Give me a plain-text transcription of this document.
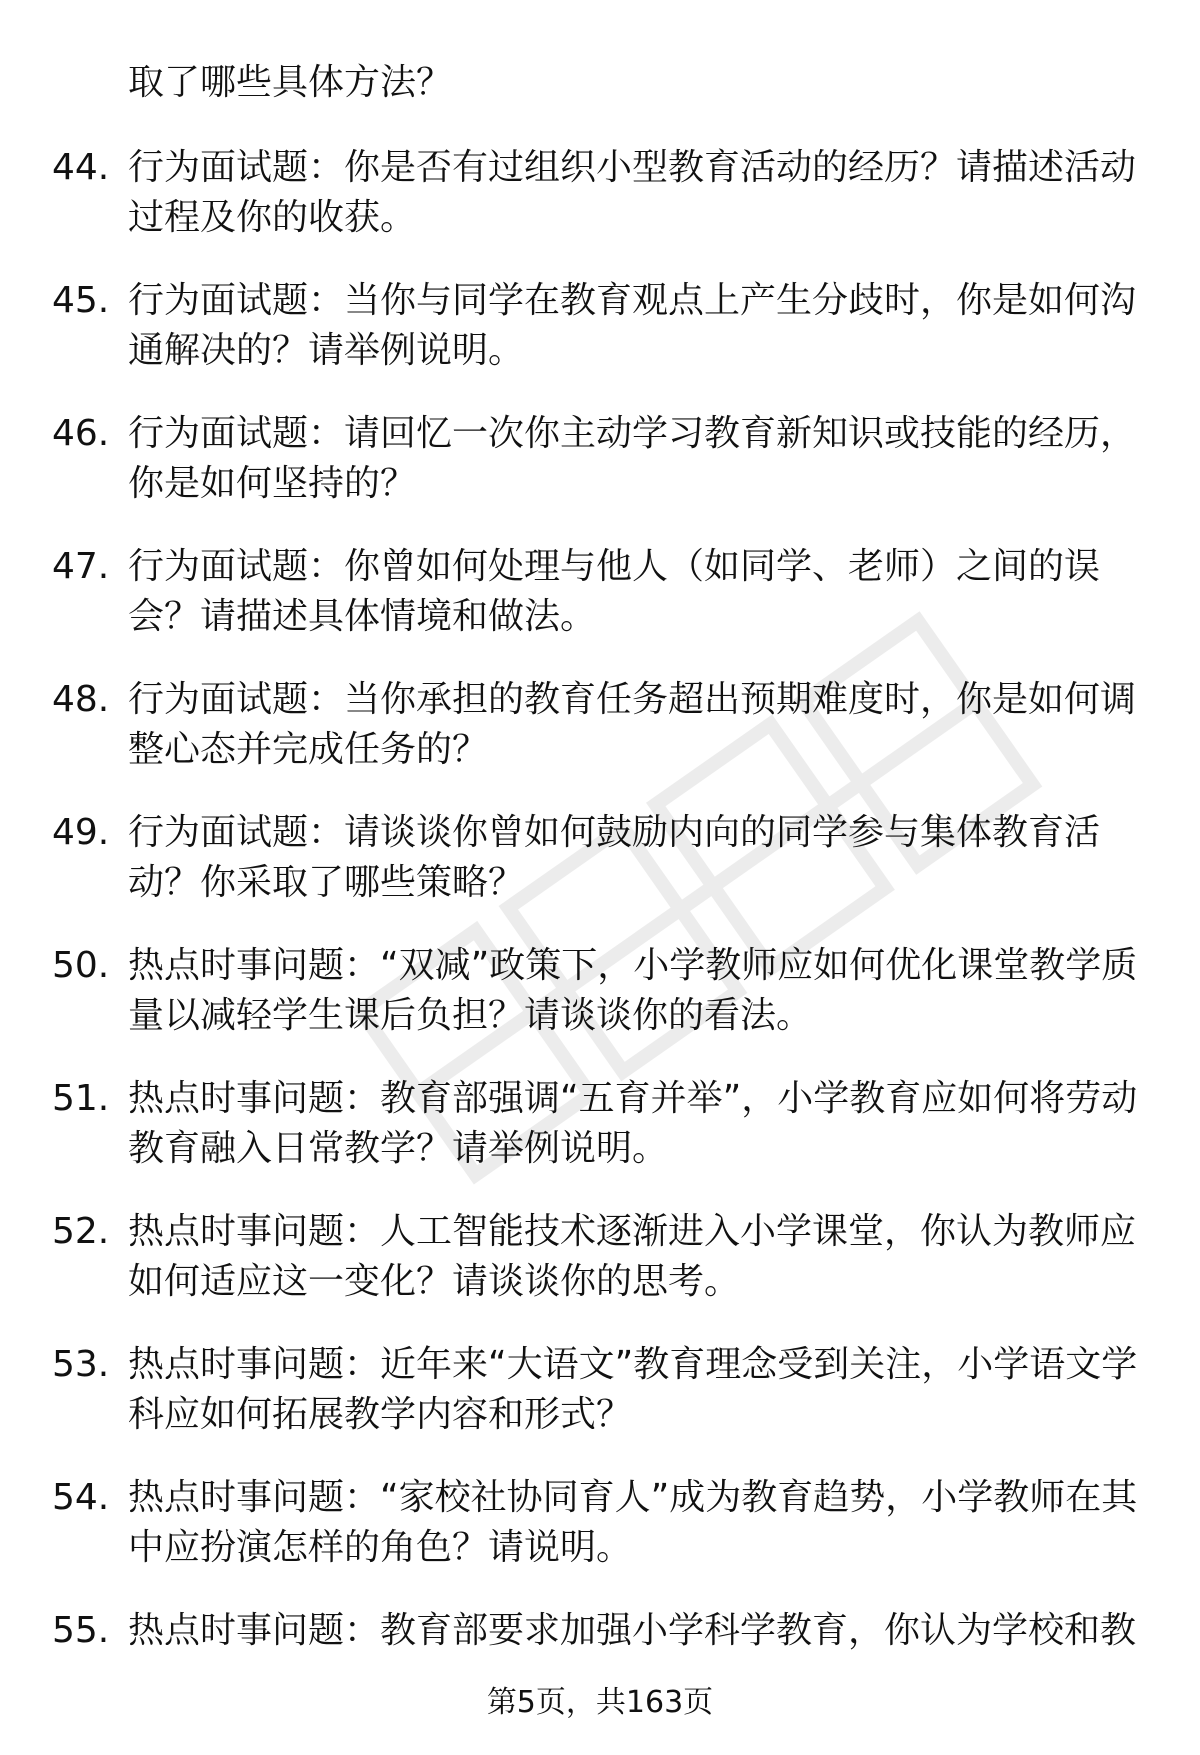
取了哪些具体方法？
44. 行为面试题：你是否有过组织小型教育活动的经历？请描述活动过程及你的收获。
45. 行为面试题：当你与同学在教育观点上产生分歧时，你是如何沟通解决的？请举例说明。
46. 行为面试题：请回忆一次你主动学习教育新知识或技能的经历，你是如何坚持的？
47. 行为面试题：你曾如何处理与他人（如同学、老师）之间的误会？请描述具体情境和做法。
48. 行为面试题：当你承担的教育任务超出预期难度时，你是如何调整心态并完成任务的？
49. 行为面试题：请谈谈你曾如何鼓励内向的同学参与集体教育活动？你采取了哪些策略？
50. 热点时事问题：“双减”政策下，小学教师应如何优化课堂教学质量以减轻学生课后负担？请谈谈你的看法。
51. 热点时事问题：教育部强调“五育并举”，小学教育应如何将劳动教育融入日常教学？请举例说明。
52. 热点时事问题：人工智能技术逐渐进入小学课堂，你认为教师应如何适应这一变化？请谈谈你的思考。
53. 热点时事问题：近年来“大语文”教育理念受到关注，小学语文学科应如何拓展教学内容和形式？
54. 热点时事问题：“家校社协同育人”成为教育趋势，小学教师在其中应扮演怎样的角色？请说明。
55. 热点时事问题：教育部要求加强小学科学教育，你认为学校和教
第5页，共163页
